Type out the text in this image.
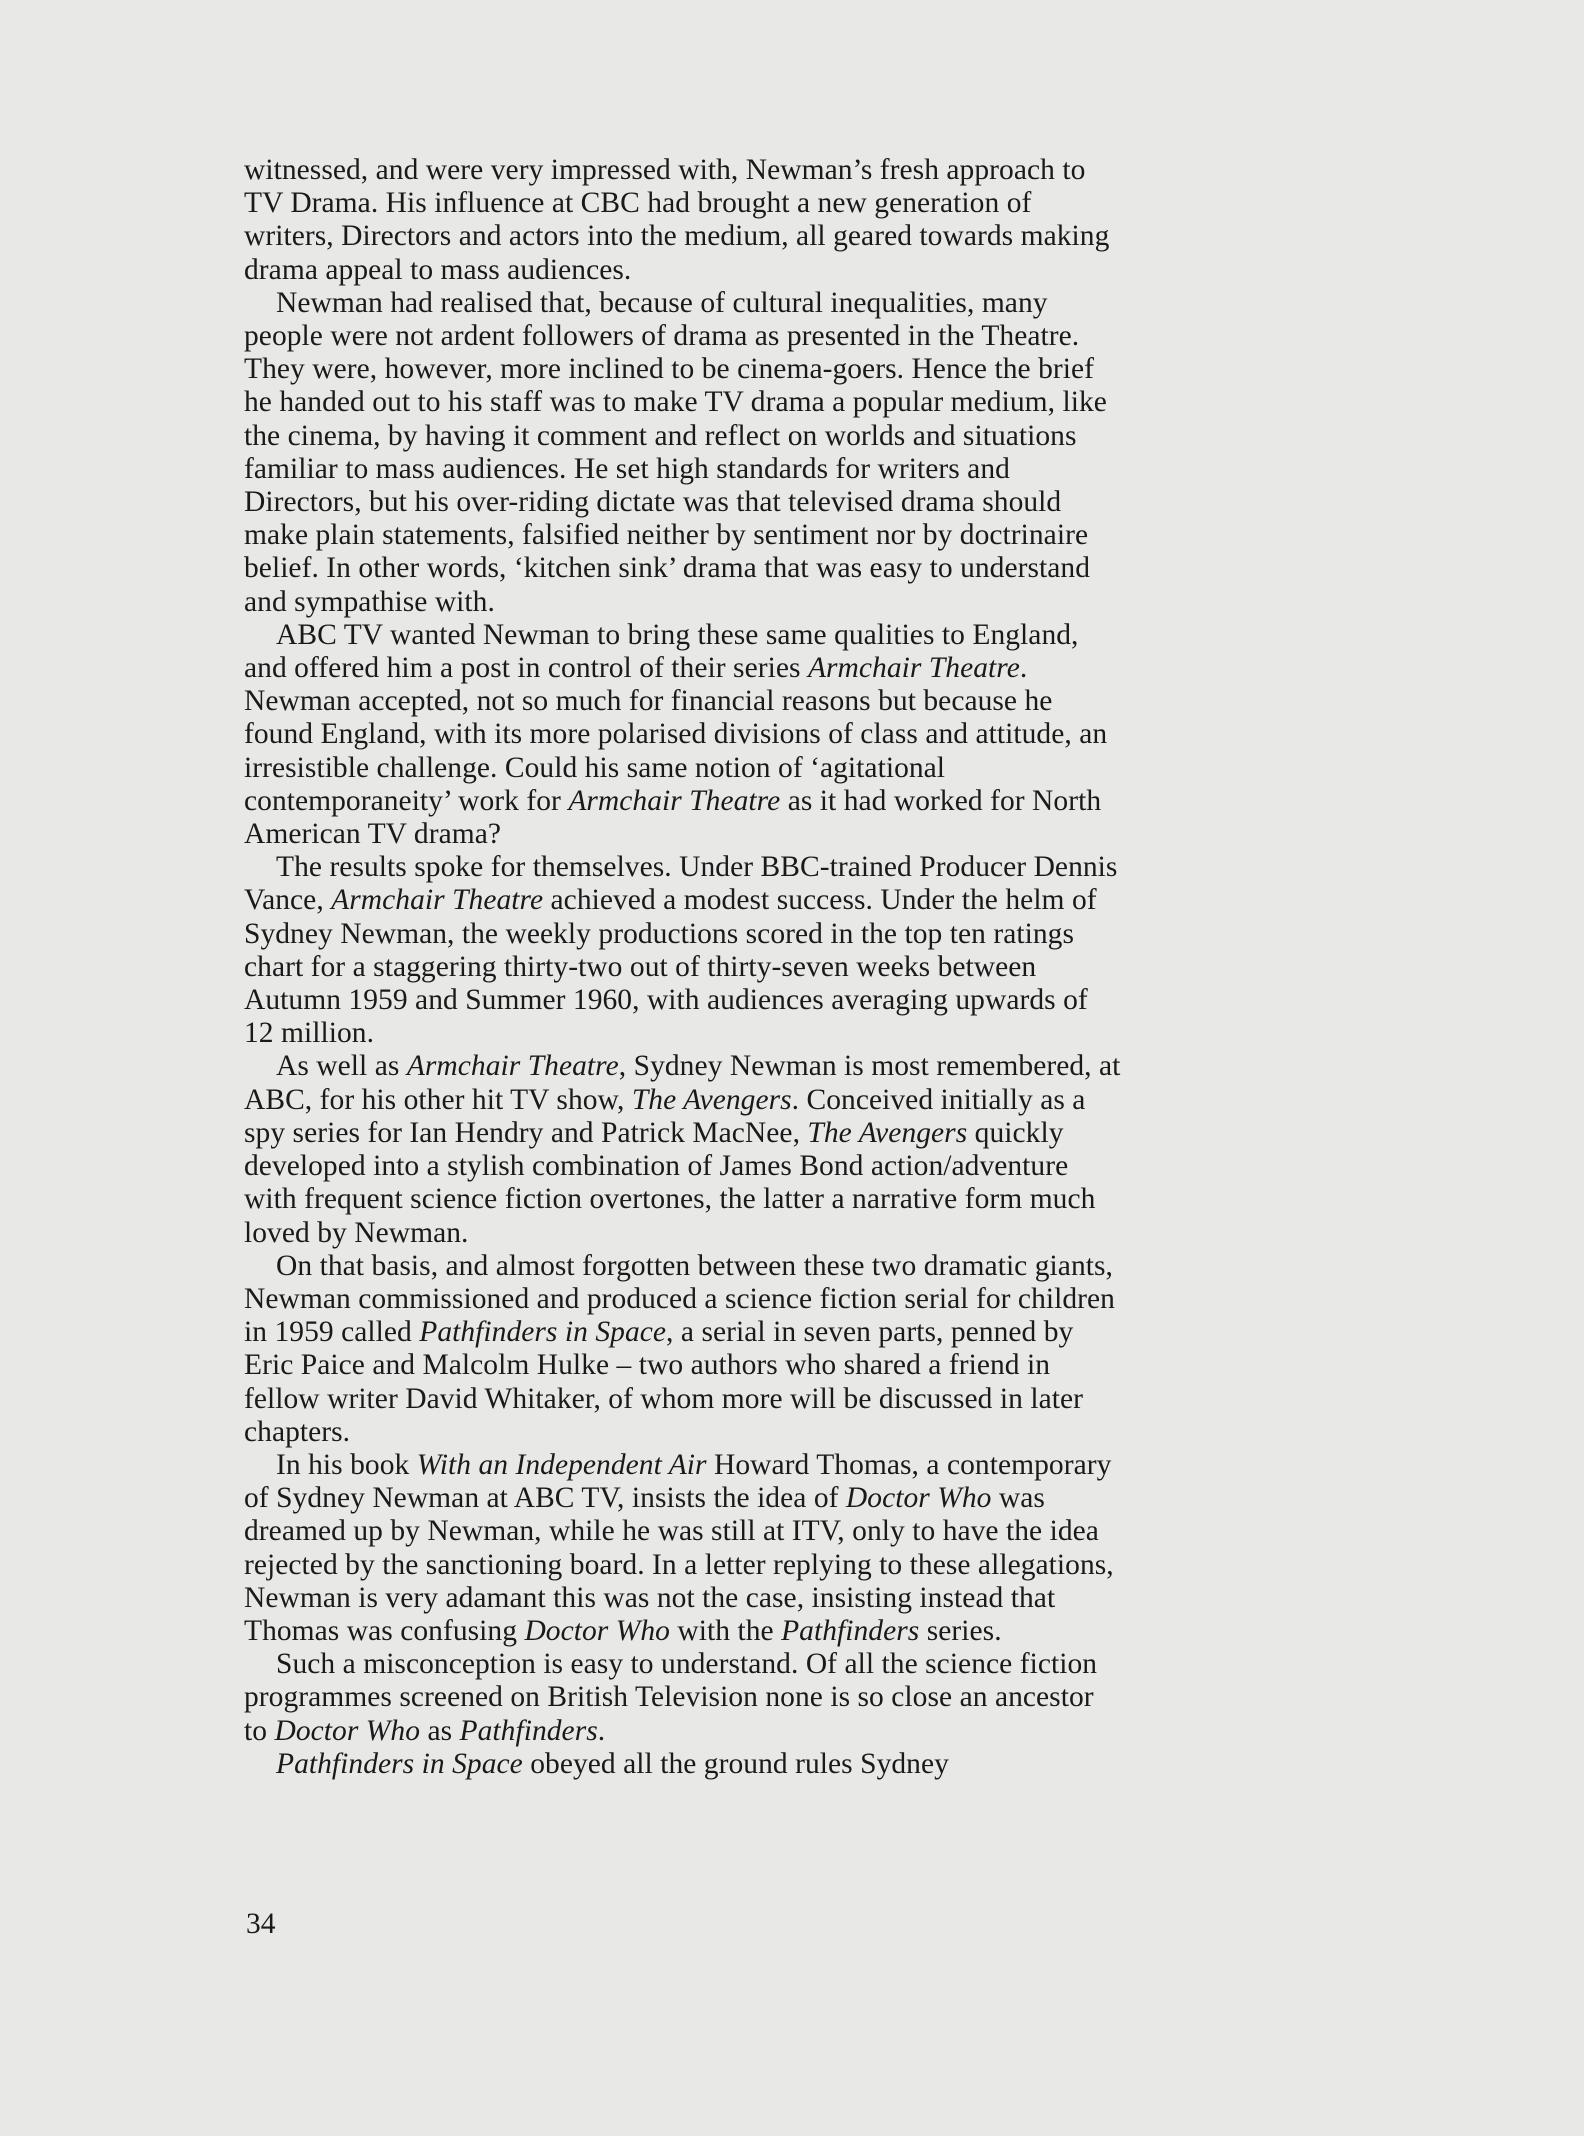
witnessed, and were very impressed with, Newman’s fresh approach to TV Drama. His influence at CBC had brought a new generation of writers, Directors and actors into the medium, all geared towards making drama appeal to mass audiences.

Newman had realised that, because of cultural inequalities, many people were not ardent followers of drama as presented in the Theatre. They were, however, more inclined to be cinema-goers. Hence the brief he handed out to his staff was to make TV drama a popular medium, like the cinema, by having it comment and reflect on worlds and situations familiar to mass audiences. He set high standards for writers and Directors, but his over-riding dictate was that televised drama should make plain statements, falsified neither by sentiment nor by doctrinaire belief. In other words, ‘kitchen sink’ drama that was easy to understand and sympathise with.

ABC TV wanted Newman to bring these same qualities to England, and offered him a post in control of their series Armchair Theatre. Newman accepted, not so much for financial reasons but because he found England, with its more polarised divisions of class and attitude, an irresistible challenge. Could his same notion of ‘agitational contemporaneity’ work for Armchair Theatre as it had worked for North American TV drama?

The results spoke for themselves. Under BBC-trained Producer Dennis Vance, Armchair Theatre achieved a modest success. Under the helm of Sydney Newman, the weekly productions scored in the top ten ratings chart for a staggering thirty-two out of thirty-seven weeks between Autumn 1959 and Summer 1960, with audiences averaging upwards of 12 million.

As well as Armchair Theatre, Sydney Newman is most remembered, at ABC, for his other hit TV show, The Avengers. Conceived initially as a spy series for Ian Hendry and Patrick MacNee, The Avengers quickly developed into a stylish combination of James Bond action/adventure with frequent science fiction overtones, the latter a narrative form much loved by Newman.

On that basis, and almost forgotten between these two dramatic giants, Newman commissioned and produced a science fiction serial for children in 1959 called Pathfinders in Space, a serial in seven parts, penned by Eric Paice and Malcolm Hulke – two authors who shared a friend in fellow writer David Whitaker, of whom more will be discussed in later chapters.

In his book With an Independent Air Howard Thomas, a contemporary of Sydney Newman at ABC TV, insists the idea of Doctor Who was dreamed up by Newman, while he was still at ITV, only to have the idea rejected by the sanctioning board. In a letter replying to these allegations, Newman is very adamant this was not the case, insisting instead that Thomas was confusing Doctor Who with the Pathfinders series.

Such a misconception is easy to understand. Of all the science fiction programmes screened on British Television none is so close an ancestor to Doctor Who as Pathfinders.

Pathfinders in Space obeyed all the ground rules Sydney

34
